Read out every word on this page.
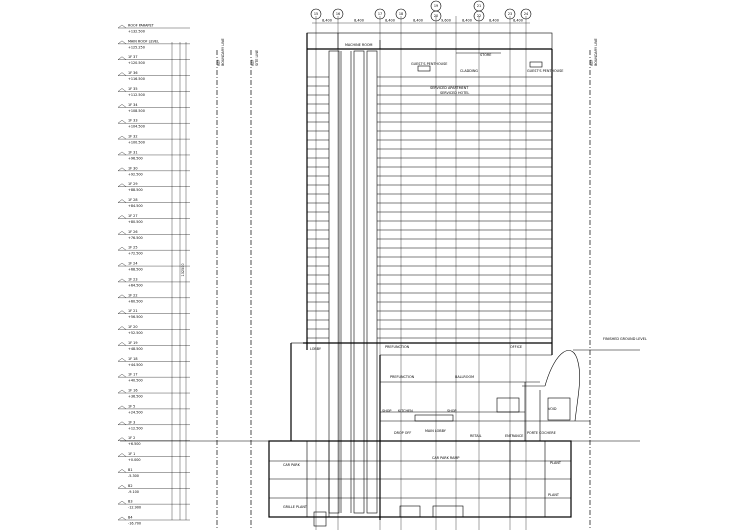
15	16	17	18
19
20
21
22	23	24
8,400	8,400	8,400	8,400	9,600	8,400	8,400	8,400
REF BOUNDARY LINE	REF SITE LINE	REF BOUNDARY LINE
132500
ROOF PARAPET
+132.500
MAIN ROOF LEVEL
+125.250
1F 37
+120.500
1F 36
+116.500
1F 35
+112.500
1F 34
+108.500
1F 33
+104.500
1F 32
+100.500
1F 31
+96.500
1F 30
+92.500
1F 29
+88.500
1F 28
+84.500
1F 27
+80.500
1F 26
+76.500
1F 25
+72.500
1F 24
+68.500
1F 23
+64.500
1F 22
+60.500
1F 21
+56.500
1F 20
+52.500
1F 19
+48.500
1F 18
+44.500
1F 17
+40.500
1F 16
+36.500
1F 5
+24.500
1F 3
+12.500
1F 2
+6.500
1F 1
+0.000
B1
-5.300
B2
-9.100
B3
-12.900
B4
-16.700
FINISHED GROUND LEVEL
MACHINE ROOM
STORE
GUEST'S PENTHOUSE
CLADDING	GUEST'S PENTHOUSE
SERVICED APARTMENT
SERVICED HOTEL
LOBBY	PREFUNCTION
BALLROOM
PREFUNCTION
OFFICE
SHOP KITCHEN	SHOP
MAIN LOBBY
DROP OFF
RETAIL	ENTRANCE
PORTE COCHERE
VOID
CAR PARK
CAR PARK RAMP
GRILLE PLANT
PLANT
PLANT
